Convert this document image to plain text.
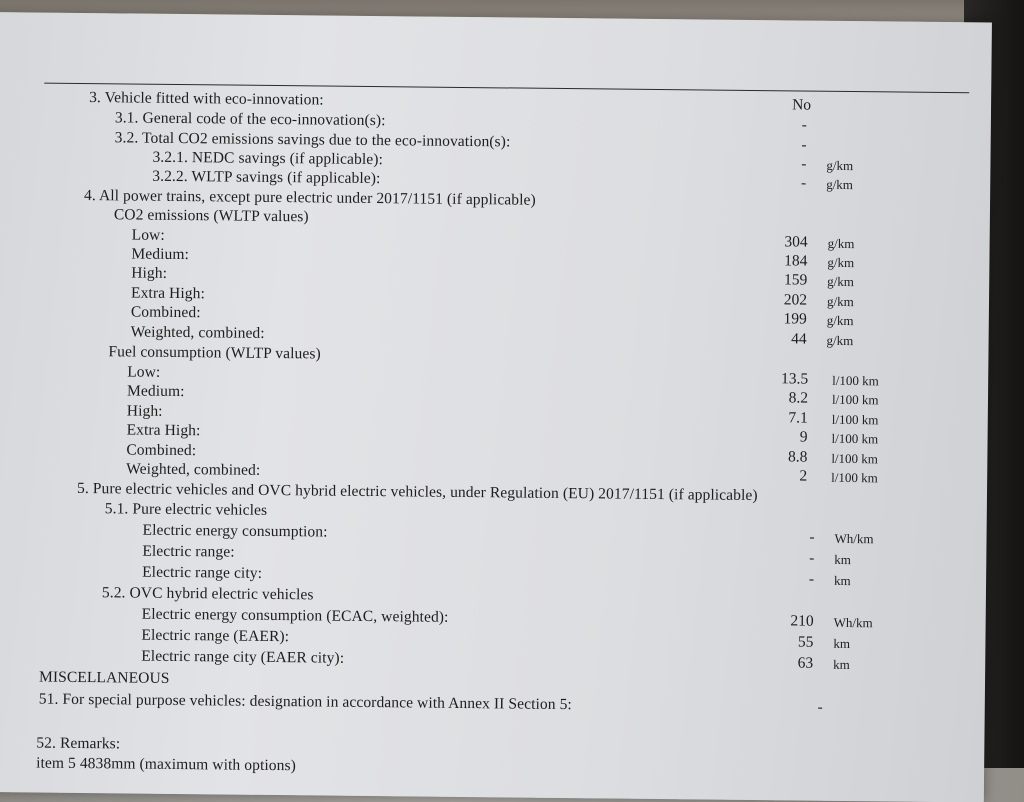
3. Vehicle fitted with eco-innovation:	No
3.1. General code of the eco-innovation(s):	-
3.2. Total CO2 emissions savings due to the eco-innovation(s):	-
3.2.1. NEDC savings (if applicable):	- g/km
3.2.2. WLTP savings (if applicable):	- g/km
4. All power trains, except pure electric under 2017/1151 (if applicable)
CO2 emissions (WLTP values)
Low:	304 g/km
Medium:	184 g/km
High:	159 g/km
Extra High:	202 g/km
Combined:	199 g/km
Weighted, combined:	44 g/km
Fuel consumption (WLTP values)
Low:	13.5 l/100 km
Medium:	8.2 l/100 km
High:	7.1 l/100 km
Extra High:	9 l/100 km
Combined:	8.8 l/100 km
Weighted, combined:	2 l/100 km
5. Pure electric vehicles and OVC hybrid electric vehicles, under Regulation (EU) 2017/1151 (if applicable)
5.1. Pure electric vehicles
Electric energy consumption:	- Wh/km
Electric range:	- km
Electric range city:	- km
5.2. OVC hybrid electric vehicles
Electric energy consumption (ECAC, weighted):	210 Wh/km
Electric range (EAER):	55 km
Electric range city (EAER city):	63 km
MISCELLANEOUS
51. For special purpose vehicles: designation in accordance with Annex II Section 5:	-
52. Remarks:
item 5 4838mm (maximum with options)
